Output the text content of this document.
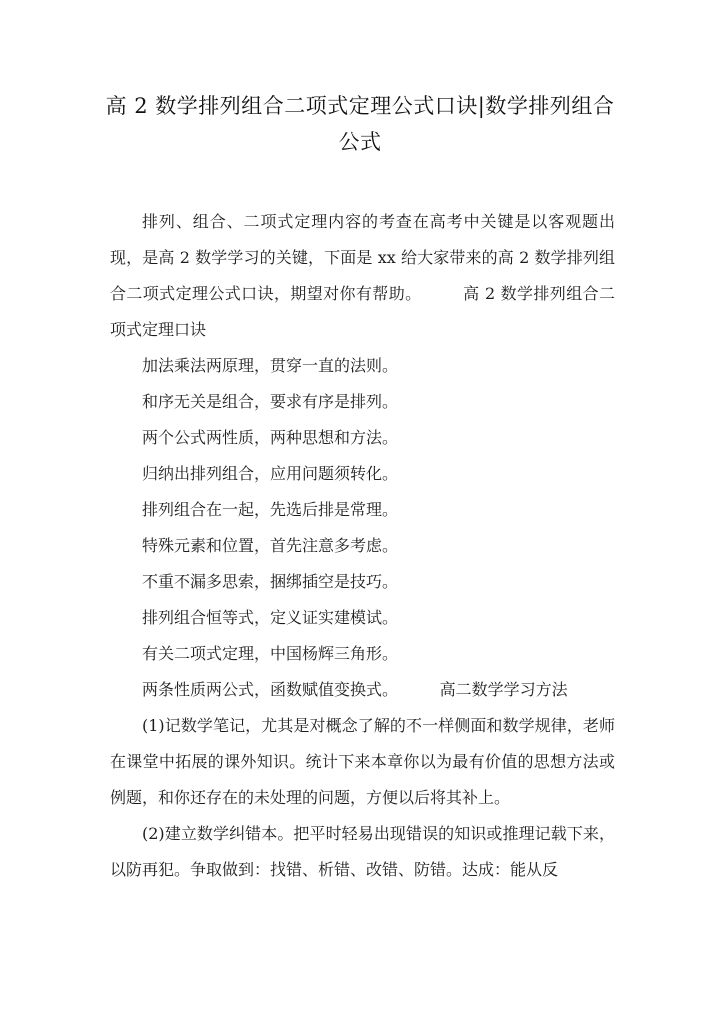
高 2 数学排列组合二项式定理公式口诀|数学排列组合公式

排列、组合、二项式定理内容的考查在高考中关键是以客观题出现，是高 2 数学学习的关键，下面是 xx 给大家带来的高 2 数学排列组合二项式定理公式口诀，期望对你有帮助。	高 2 数学排列组合二项式定理口诀

加法乘法两原理，贯穿一直的法则。

和序无关是组合，要求有序是排列。

两个公式两性质，两种思想和方法。

归纳出排列组合，应用问题须转化。

排列组合在一起，先选后排是常理。

特殊元素和位置，首先注意多考虑。

不重不漏多思索，捆绑插空是技巧。

排列组合恒等式，定义证实建模试。

有关二项式定理，中国杨辉三角形。

两条性质两公式，函数赋值变换式。	高二数学学习方法

(1)记数学笔记，尤其是对概念了解的不一样侧面和数学规律，老师在课堂中拓展的课外知识。统计下来本章你以为最有价值的思想方法或例题，和你还存在的未处理的问题，方便以后将其补上。

(2)建立数学纠错本。把平时轻易出现错误的知识或推理记载下来，以防再犯。争取做到：找错、析错、改错、防错。达成：能从反
